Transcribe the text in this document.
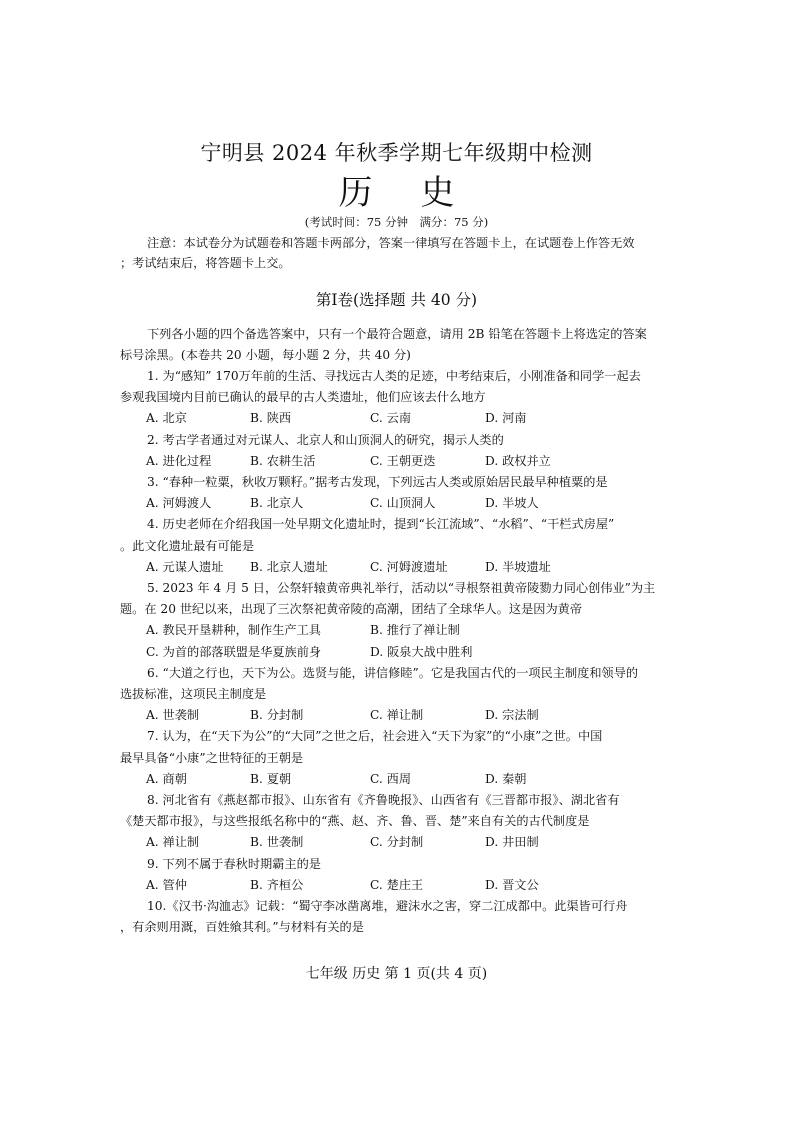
宁明县 2024 年秋季学期七年级期中检测
历史
(考试时间：75 分钟　满分：75 分)
注意：本试卷分为试题卷和答题卡两部分，答案一律填写在答题卡上，在试题卷上作答无效
；考试结束后，将答题卡上交。
第Ⅰ卷(选择题 共 40 分)
下列各小题的四个备选答案中，只有一个最符合题意，请用 2B 铅笔在答题卡上将选定的答案
标号涂黑。(本卷共 20 小题，每小题 2 分，共 40 分)
1. 为“感知” 170万年前的生活、寻找远古人类的足迹，中考结束后，小刚准备和同学一起去
参观我国境内目前已确认的最早的古人类遗址，他们应该去什么地方
A. 北京	B. 陕西	C. 云南	D. 河南
2. 考古学者通过对元谋人、北京人和山顶洞人的研究，揭示人类的
A. 进化过程	B. 农耕生活	C. 王朝更迭	D. 政权并立
3. “春种一粒粟，秋收万颗籽。”据考古发现，下列远古人类或原始居民最早种植粟的是
A. 河姆渡人	B. 北京人	C. 山顶洞人	D. 半坡人
4. 历史老师在介绍我国一处早期文化遗址时，提到“长江流域”、“水稻”、“干栏式房屋”
。此文化遗址最有可能是
A. 元谋人遗址 B. 北京人遗址	C. 河姆渡遗址	D. 半坡遗址
5. 2023 年 4 月 5 日，公祭轩辕黄帝典礼举行，活动以“寻根祭祖黄帝陵勠力同心创伟业”为主
题。在 20 世纪以来，出现了三次祭祀黄帝陵的高潮，团结了全球华人。这是因为黄帝
A. 教民开垦耕种，制作生产工具	B. 推行了禅让制
C. 为首的部落联盟是华夏族前身	D. 阪泉大战中胜利
6. “大道之行也，天下为公。选贤与能，讲信修睦”。它是我国古代的一项民主制度和领导的
选拔标准，这项民主制度是
A. 世袭制	B. 分封制	C. 禅让制	D. 宗法制
7. 认为，在“天下为公”的“大同”之世之后，社会进入“天下为家”的“小康”之世。中国
最早具备“小康”之世特征的王朝是
A. 商朝	B. 夏朝	C. 西周	D. 秦朝
8. 河北省有《燕赵都市报》、山东省有《齐鲁晚报》、山西省有《三晋都市报》、湖北省有
《楚天都市报》，与这些报纸名称中的“燕、赵、齐、鲁、晋、楚”来自有关的古代制度是
A. 禅让制	B. 世袭制	C. 分封制	D. 井田制
9. 下列不属于春秋时期霸主的是
A. 管仲	B. 齐桓公	C. 楚庄王	D. 晋文公
10.《汉书·沟洫志》记载：“蜀守李冰凿离堆，避沫水之害，穿二江成都中。此渠皆可行舟
，有余则用溉，百姓飨其利。”与材料有关的是
七年级 历史 第 1 页(共 4 页)
